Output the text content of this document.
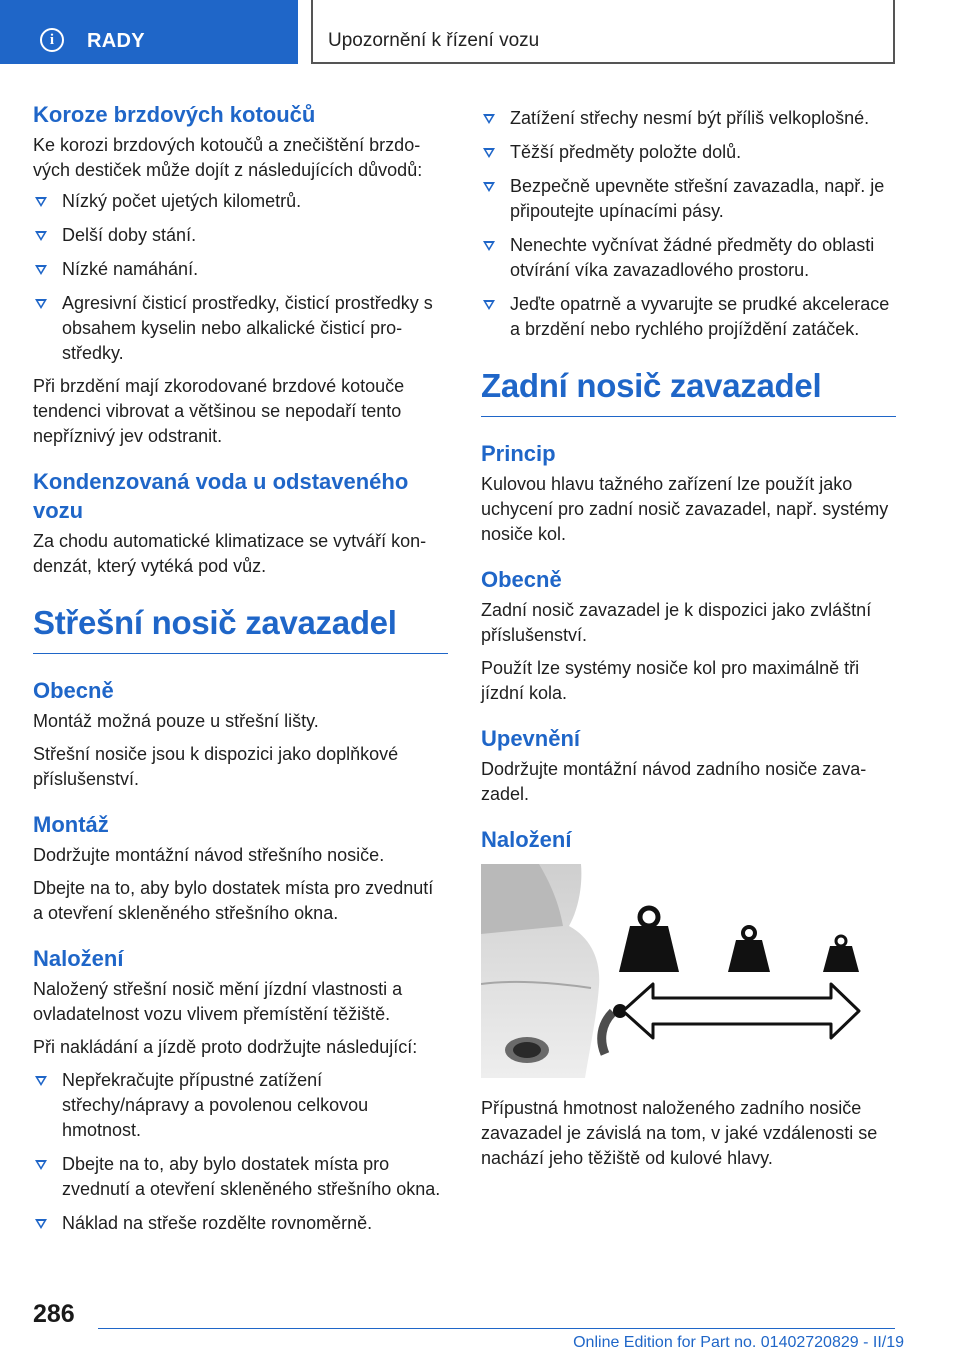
i	RADY	Upozornění k řízení vozu
Koroze brzdových kotoučů
Ke korozi brzdových kotoučů a znečištění brzdových destiček může dojít z následujících důvodů:
Nízký počet ujetých kilometrů.
Delší doby stání.
Nízké namáhání.
Agresivní čisticí prostředky, čisticí prostředky s obsahem kyselin nebo alkalické čisticí prostředky.
Při brzdění mají zkorodované brzdové kotouče tendenci vibrovat a většinou se nepodaří tento nepříznivý jev odstranit.
Kondenzovaná voda u odstaveného vozu
Za chodu automatické klimatizace se vytváří kondenzát, který vytéká pod vůz.
Střešní nosič zavazadel
Obecně
Montáž možná pouze u střešní lišty.
Střešní nosiče jsou k dispozici jako doplňkové příslušenství.
Montáž
Dodržujte montážní návod střešního nosiče.
Dbejte na to, aby bylo dostatek místa pro zvednutí a otevření skleněného střešního okna.
Naložení
Naložený střešní nosič mění jízdní vlastnosti a ovladatelnost vozu vlivem přemístění těžiště.
Při nakládání a jízdě proto dodržujte následující:
Nepřekračujte přípustné zatížení střechy/nápravy a povolenou celkovou hmotnost.
Dbejte na to, aby bylo dostatek místa pro zvednutí a otevření skleněného střešního okna.
Náklad na střeše rozdělte rovnoměrně.
Zatížení střechy nesmí být příliš velkoplošné.
Těžší předměty položte dolů.
Bezpečně upevněte střešní zavazadla, např. je připoutejte upínacími pásy.
Nenechte vyčnívat žádné předměty do oblasti otvírání víka zavazadlového prostoru.
Jeďte opatrně a vyvarujte se prudké akcelerace a brzdění nebo rychlého projíždění zatáček.
Zadní nosič zavazadel
Princip
Kulovou hlavu tažného zařízení lze použít jako uchycení pro zadní nosič zavazadel, např. systémy nosiče kol.
Obecně
Zadní nosič zavazadel je k dispozici jako zvláštní příslušenství.
Použít lze systémy nosiče kol pro maximálně tři jízdní kola.
Upevnění
Dodržujte montážní návod zadního nosiče zavazadel.
Naložení
Přípustná hmotnost naloženého zadního nosiče zavazadel je závislá na tom, v jaké vzdálenosti se nachází jeho těžiště od kulové hlavy.
286
Online Edition for Part no. 01402720829 - II/19
